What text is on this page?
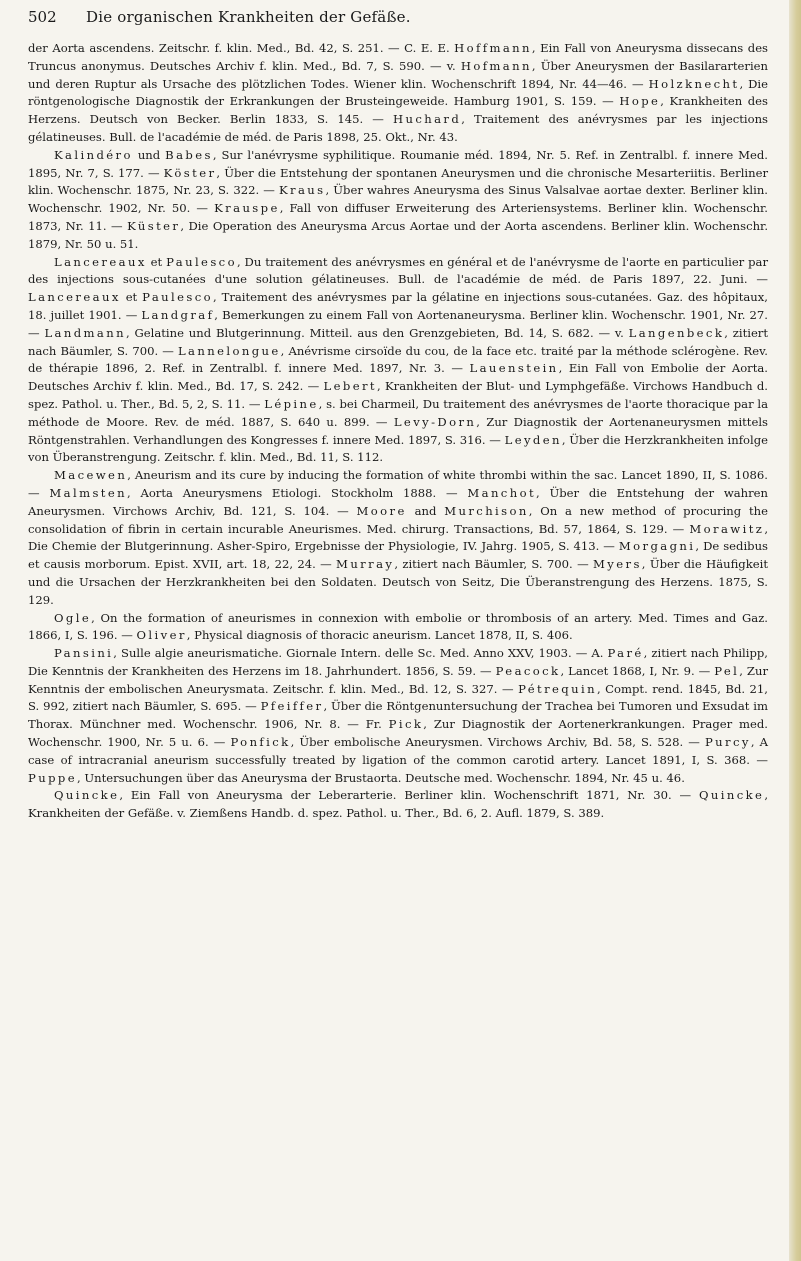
502 Die organischen Krankheiten der Gefäße.

der Aorta ascendens. Zeitschr. f. klin. Med., Bd. 42, S. 251. — C. E. E. Hoffmann, Ein Fall von Aneurysma dissecans des Truncus anonymus. Deutsches Archiv f. klin. Med., Bd. 7, S. 590. — v. Hofmann, Über Aneurysmen der Basilararterien und deren Ruptur als Ursache des plötzlichen Todes. Wiener klin. Wochenschrift 1894, Nr. 44—46. — Holzknecht, Die röntgenologische Diagnostik der Erkrankungen der Brusteingeweide. Hamburg 1901, S. 159. — Hope, Krankheiten des Herzens. Deutsch von Becker. Berlin 1833, S. 145. — Huchard, Traitement des anévrysmes par les injections gélatineuses. Bull. de l'académie de méd. de Paris 1898, 25. Okt., Nr. 43.

Kalindéro und Babes, Sur l'anévrysme syphilitique. Roumanie méd. 1894, Nr. 5. Ref. in Zentralbl. f. innere Med. 1895, Nr. 7, S. 177. — Köster, Über die Entstehung der spontanen Aneurysmen und die chronische Mesarteriitis. Berliner klin. Wochenschr. 1875, Nr. 23, S. 322. — Kraus, Über wahres Aneurysma des Sinus Valsalvae aortae dexter. Berliner klin. Wochenschr. 1902, Nr. 50. — Krauspe, Fall von diffuser Erweiterung des Arteriensystems. Berliner klin. Wochenschr. 1873, Nr. 11. — Küster, Die Operation des Aneurysma Arcus Aortae und der Aorta ascendens. Berliner klin. Wochenschr. 1879, Nr. 50 u. 51.

Lancereaux et Paulesco, Du traitement des anévrysmes en général et de l'anévrysme de l'aorte en particulier par des injections sous-cutanées d'une solution gélatineuses. Bull. de l'académie de méd. de Paris 1897, 22. Juni. — Lancereaux et Paulesco, Traitement des anévrysmes par la gélatine en injections sous-cutanées. Gaz. des hôpitaux, 18. juillet 1901. — Landgraf, Bemerkungen zu einem Fall von Aortenaneurysma. Berliner klin. Wochenschr. 1901, Nr. 27. — Landmann, Gelatine und Blutgerinnung. Mitteil. aus den Grenzgebieten, Bd. 14, S. 682. — v. Langenbeck, zitiert nach Bäumler, S. 700. — Lannelongue, Anévrisme cirsoïde du cou, de la face etc. traité par la méthode sclérogène. Rev. de thérapie 1896, 2. Ref. in Zentralbl. f. innere Med. 1897, Nr. 3. — Lauenstein, Ein Fall von Embolie der Aorta. Deutsches Archiv f. klin. Med., Bd. 17, S. 242. — Lebert, Krankheiten der Blut- und Lymphgefäße. Virchows Handbuch d. spez. Pathol. u. Ther., Bd. 5, 2, S. 11. — Lépine, s. bei Charmeil, Du traitement des anévrysmes de l'aorte thoracique par la méthode de Moore. Rev. de méd. 1887, S. 640 u. 899. — Levy-Dorn, Zur Diagnostik der Aortenaneurysmen mittels Röntgenstrahlen. Verhandlungen des Kongresses f. innere Med. 1897, S. 316. — Leyden, Über die Herzkrankheiten infolge von Überanstrengung. Zeitschr. f. klin. Med., Bd. 11, S. 112.

Macewen, Aneurism and its cure by inducing the formation of white thrombi within the sac. Lancet 1890, II, S. 1086. — Malmsten, Aorta Aneurysmens Etiologi. Stockholm 1888. — Manchot, Über die Entstehung der wahren Aneurysmen. Virchows Archiv, Bd. 121, S. 104. — Moore and Murchison, On a new method of procuring the consolidation of fibrin in certain incurable Aneurismes. Med. chirurg. Transactions, Bd. 57, 1864, S. 129. — Morawitz, Die Chemie der Blutgerinnung. Asher-Spiro, Ergebnisse der Physiologie, IV. Jahrg. 1905, S. 413. — Morgagni, De sedibus et causis morborum. Epist. XVII, art. 18, 22, 24. — Murray, zitiert nach Bäumler, S. 700. — Myers, Über die Häufigkeit und die Ursachen der Herzkrankheiten bei den Soldaten. Deutsch von Seitz, Die Überanstrengung des Herzens. 1875, S. 129.

Ogle, On the formation of aneurismes in connexion with embolie or thrombosis of an artery. Med. Times and Gaz. 1866, I, S. 196. — Oliver, Physical diagnosis of thoracic aneurism. Lancet 1878, II, S. 406.

Pansini, Sulle algie aneurismatiche. Giornale Intern. delle Sc. Med. Anno XXV, 1903. — A. Paré, zitiert nach Philipp, Die Kenntnis der Krankheiten des Herzens im 18. Jahrhundert. 1856, S. 59. — Peacock, Lancet 1868, I, Nr. 9. — Pel, Zur Kenntnis der embolischen Aneurysmata. Zeitschr. f. klin. Med., Bd. 12, S. 327. — Pétrequin, Compt. rend. 1845, Bd. 21, S. 992, zitiert nach Bäumler, S. 695. — Pfeiffer, Über die Röntgenuntersuchung der Trachea bei Tumoren und Exsudat im Thorax. Münchner med. Wochenschr. 1906, Nr. 8. — Fr. Pick, Zur Diagnostik der Aortenerkrankungen. Prager med. Wochenschr. 1900, Nr. 5 u. 6. — Ponfick, Über embolische Aneurysmen. Virchows Archiv, Bd. 58, S. 528. — Purcy, A case of intracranial aneurism successfully treated by ligation of the common carotid artery. Lancet 1891, I, S. 368. — Puppe, Untersuchungen über das Aneurysma der Brustaorta. Deutsche med. Wochenschr. 1894, Nr. 45 u. 46.

Quincke, Ein Fall von Aneurysma der Leberarterie. Berliner klin. Wochenschrift 1871, Nr. 30. — Quincke, Krankheiten der Gefäße. v. Ziemßens Handb. d. spez. Pathol. u. Ther., Bd. 6, 2. Aufl. 1879, S. 389.
